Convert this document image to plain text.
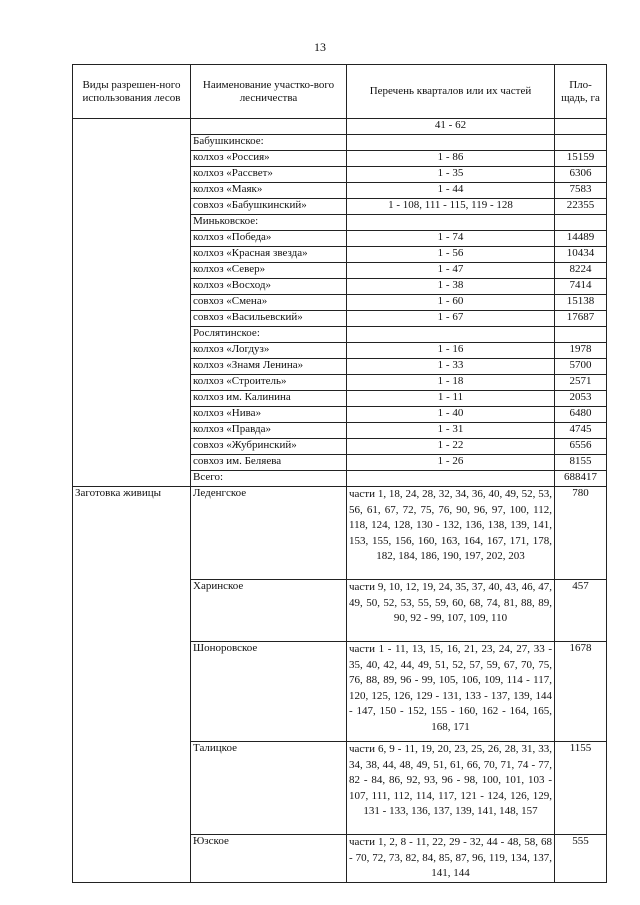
13
Виды разрешен-ного использования лесов	Наименование участко-вого лесничества	Перечень кварталов или их частей	Пло-щадь, га
		41 - 62	
	Бабушкинское:		
	колхоз «Россия»	1 - 86	15159
	колхоз «Рассвет»	1 - 35	6306
	колхоз «Маяк»	1 - 44	7583
	совхоз «Бабушкинский»	1 - 108, 111 - 115, 119 - 128	22355
	Миньковское:		
	колхоз «Победа»	1 - 74	14489
	колхоз «Красная звезда»	1 - 56	10434
	колхоз «Север»	1 - 47	8224
	колхоз «Восход»	1 - 38	7414
	совхоз «Смена»	1 - 60	15138
	совхоз «Васильевский»	1 - 67	17687
	Рослятинское:		
	колхоз «Логдуз»	1 - 16	1978
	колхоз «Знамя Ленина»	1 - 33	5700
	колхоз «Строитель»	1 - 18	2571
	колхоз им. Калинина	1 - 11	2053
	колхоз «Нива»	1 - 40	6480
	колхоз «Правда»	1 - 31	4745
	совхоз «Жубринский»	1 - 22	6556
	совхоз им. Беляева	1 - 26	8155
	Всего:		688417
Заготовка живицы	Леденгское	части 1, 18, 24, 28, 32, 34, 36, 40, 49, 52, 53, 56, 61, 67, 72, 75, 76, 90, 96, 97, 100, 112, 118, 124, 128, 130 - 132, 136, 138, 139, 141, 153, 155, 156, 160, 163, 164, 167, 171, 178, 182, 184, 186, 190, 197, 202, 203	780
	Харинское	части 9, 10, 12, 19, 24, 35, 37, 40, 43, 46, 47, 49, 50, 52, 53, 55, 59, 60, 68, 74, 81, 88, 89, 90, 92 - 99, 107, 109, 110	457
	Шоноровское	части 1 - 11, 13, 15, 16, 21, 23, 24, 27, 33 - 35, 40, 42, 44, 49, 51, 52, 57, 59, 67, 70, 75, 76, 88, 89, 96 - 99, 105, 106, 109, 114 - 117, 120, 125, 126, 129 - 131, 133 - 137, 139, 144 - 147, 150 - 152, 155 - 160, 162 - 164, 165, 168, 171	1678
	Талицкое	части 6, 9 - 11, 19, 20, 23, 25, 26, 28, 31, 33, 34, 38, 44, 48, 49, 51, 61, 66, 70, 71, 74 - 77, 82 - 84, 86, 92, 93, 96 - 98, 100, 101, 103 - 107, 111, 112, 114, 117, 121 - 124, 126, 129, 131 - 133, 136, 137, 139, 141, 148, 157	1155
	Юзское	части 1, 2, 8 - 11, 22, 29 - 32, 44 - 48, 58, 68 - 70, 72, 73, 82, 84, 85, 87, 96, 119, 134, 137, 141, 144	555
